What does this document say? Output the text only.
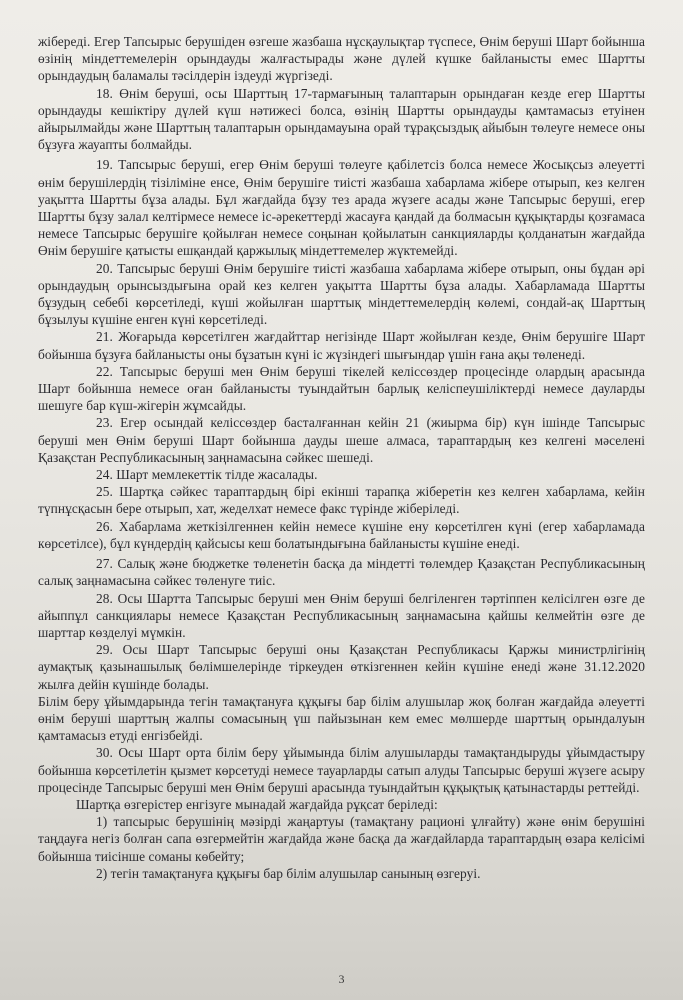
жібереді. Егер Тапсырыс берушіден өзгеше жазбаша нұсқаулықтар түспесе, Өнім беруші Шарт бойынша өзінің міндеттемелерін орындауды жалғастырады және дүлей күшке байланысты емес Шартты орындаудың баламалы тәсілдерін іздеуді жүргізеді.

18. Өнім беруші, осы Шарттың 17-тармағының талаптарын орындаған кезде егер Шартты орындауды кешіктіру дүлей күш нәтижесі болса, өзінің Шартты орындауды қамтамасыз етуінен айырылмайды және Шарттың талаптарын орындамауына орай тұрақсыздық айыбын төлеуге немесе оны бұзуға жауапты болмайды.

19. Тапсырыс беруші, егер Өнім беруші төлеуге қабілетсіз болса немесе Жосықсыз әлеуетті өнім берушілердің тізіліміне енсе, Өнім берушіге тиісті жазбаша хабарлама жібере отырып, кез келген уақытта Шартты бұза алады. Бұл жағдайда бұзу тез арада жүзеге асады және Тапсырыс беруші, егер Шартты бұзу залал келтірмесе немесе іс-әрекеттерді жасауға қандай да болмасын құқықтарды қозғамаса немесе Тапсырыс берушіге қойылған немесе соңынан қойылатын санкцияларды қолданатын жағдайда Өнім берушіге қатысты ешқандай қаржылық міндеттемелер жүктемейді.

20. Тапсырыс беруші Өнім берушіге тиісті жазбаша хабарлама жібере отырып, оны бұдан әрі орындаудың орынсыздығына орай кез келген уақытта Шартты бұза алады. Хабарламада Шартты бұзудың себебі көрсетіледі, күші жойылған шарттық міндеттемелердің көлемі, сондай-ақ Шарттың бұзылуы күшіне енген күні көрсетіледі.

21. Жоғарыда көрсетілген жағдайттар негізінде Шарт жойылған кезде, Өнім берушіге Шарт бойынша бұзуға байланысты оны бұзатын күні іс жүзіндегі шығындар үшін ғана ақы төленеді.

22. Тапсырыс беруші мен Өнім беруші тікелей келіссөздер процесінде олардың арасында Шарт бойынша немесе оған байланысты туындайтын барлық келіспеушіліктерді немесе дауларды шешуге бар күш-жігерін жұмсайды.

23. Егер осындай келіссөздер басталғаннан кейін 21 (жиырма бір) күн ішінде Тапсырыс беруші мен Өнім беруші Шарт бойынша дауды шеше алмаса, тараптардың кез келгені мәселені Қазақстан Республикасының заңнамасына сәйкес шешеді.

24. Шарт мемлекеттік тілде жасалады.

25. Шартқа сәйкес тараптардың бірі екінші тарапқа жіберетін кез келген хабарлама, кейін түпнұсқасын бере отырып, хат, жеделхат немесе факс түрінде жіберіледі.

26. Хабарлама жеткізілгеннен кейін немесе күшіне ену көрсетілген күні (егер хабарламада көрсетілсе), бұл күндердің қайсысы кеш болатындығына байланысты күшіне енеді.

27. Салық және бюджетке төленетін басқа да міндетті төлемдер Қазақстан Республикасының салық заңнамасына сәйкес төленуге тиіс.

28. Осы Шартта Тапсырыс беруші мен Өнім беруші белгіленген тәртіппен келісілген өзге де айыппұл санкциялары немесе Қазақстан Республикасының заңнамасына қайшы келмейтін өзге де шарттар көзделуі мүмкін.

29. Осы Шарт Тапсырыс беруші оны Қазақстан Республикасы Қаржы министрлігінің аумақтық қазынашылық бөлімшелерінде тіркеуден өткізгеннен кейін күшіне енеді және 31.12.2020 жылға дейін күшінде болады.

Білім беру ұйымдарында тегін тамақтануға құқығы бар білім алушылар жоқ болған жағдайда әлеуетті өнім беруші шарттың жалпы сомасының үш пайызынан кем емес мөлшерде шарттың орындалуын қамтамасыз етуді енгізбейді.

30. Осы Шарт орта білім беру ұйымында білім алушыларды тамақтандыруды ұйымдастыру бойынша көрсетілетін қызмет көрсетуді немесе тауарларды сатып алуды Тапсырыс беруші жүзеге асыру процесінде Тапсырыс беруші мен Өнім беруші арасында туындайтын құқықтық қатынастарды реттейді.

Шартқа өзгерістер енгізуге мынадай жағдайда рұқсат беріледі:

1) тапсырыс берушінің мәзірді жаңартуы (тамақтану рационі ұлғайту) және өнім берушіні таңдауға негіз болған сапа өзгермейтін жағдайда және басқа да жағдайларда тараптардың өзара келісімі бойынша тиісінше соманы көбейту;

2) тегін тамақтануға құқығы бар білім алушылар санының өзгеруі.

3
